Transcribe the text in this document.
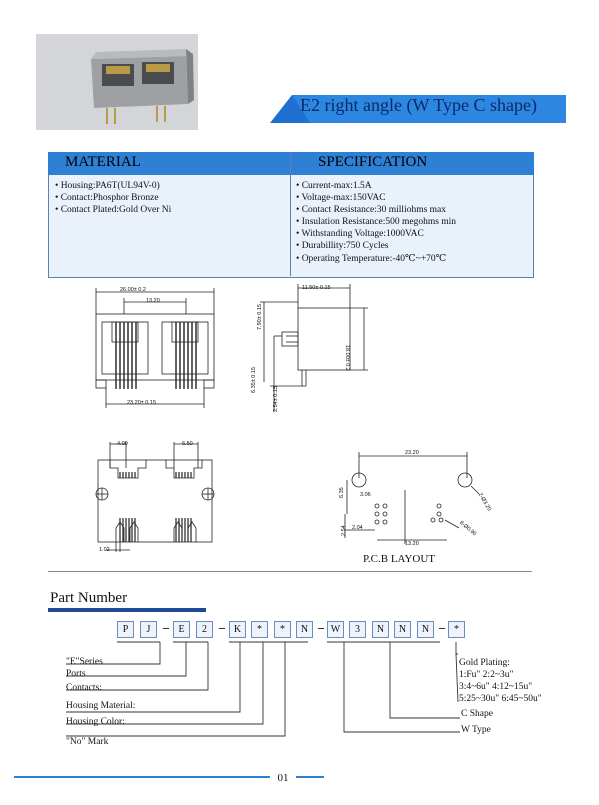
E2 right angle (W Type C shape)
MATERIAL	SPECIFICATION
• Housing:PA6T(UL94V-0)
• Contact:Phosphor Bronze
• Contact Plated:Gold Over Ni
• Current-max:1.5A
• Voltage-max:150VAC
• Contact Resistance:30 milliohms max
• Insulation Resistance:500 megohms min
• Withstanding Voltage:1000VAC
• Durabillity:750 Cycles
• Operating Temperature:-40℃~+70℃
26.00± 0.2
13.20
23.20± 0.15
11.50± 0.15
18.00± 0.2
7.90± 0.15
6.35± 0.15
2.54± 0.15
4.00	6.50
1.02
23.20
6.35	3.06
2.54 2.04
13.20
2-Ø3.20
8-Ø0.90
P.C.B LAYOUT
Part Number
P	J	E	2	K	*	*	N	W	3	N	N	N	*
"E"Series
Ports
Contacts:
Housing Material:
Housing Color:
"No" Mark
Gold Plating:
1:Fu" 2:2~3u"
3:4~6u" 4:12~15u"
5:25~30u" 6:45~50u"
C Shape
W Type
01
